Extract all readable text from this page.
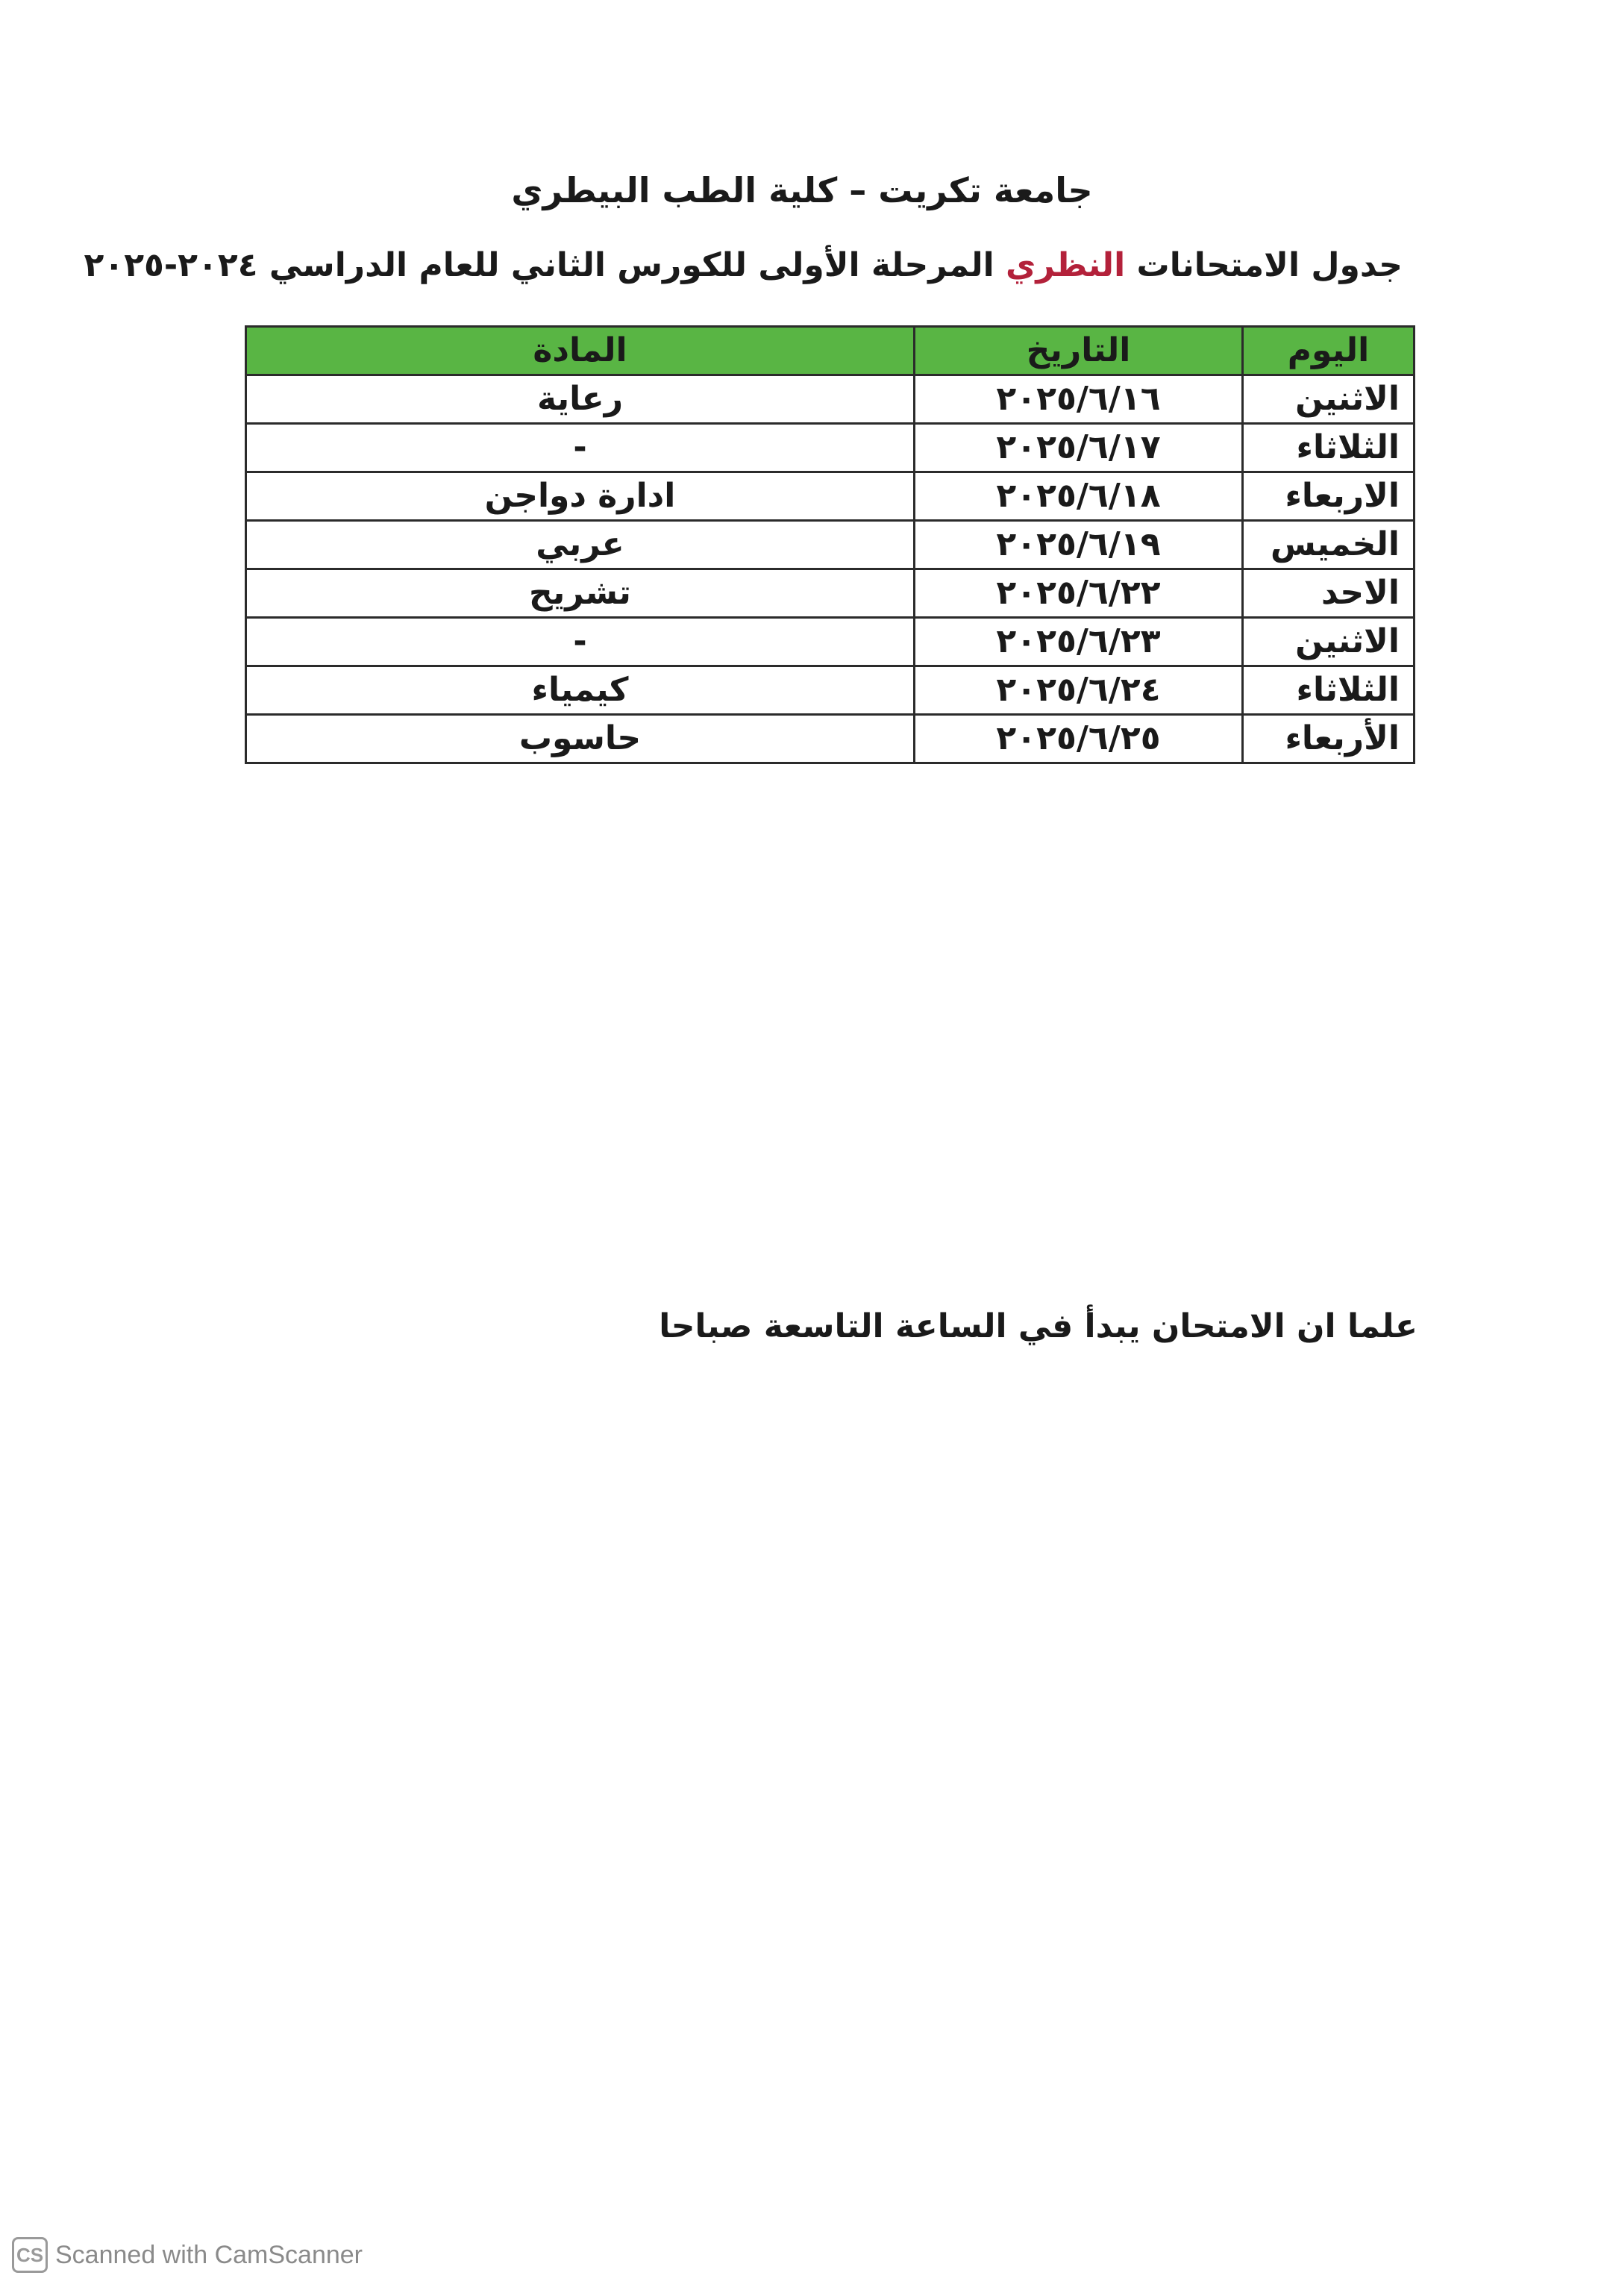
جامعة تكريت – كلية الطب البيطري
جدول الامتحانات النظري المرحلة الأولى للكورس الثاني للعام الدراسي ٢٠٢٤-٢٠٢٥
اليوم	التاريخ	المادة
الاثنين	٢٠٢٥/٦/١٦	رعاية
الثلاثاء	٢٠٢٥/٦/١٧	-
الاربعاء	٢٠٢٥/٦/١٨	ادارة دواجن
الخميس	٢٠٢٥/٦/١٩	عربي
الاحد	٢٠٢٥/٦/٢٢	تشريح
الاثنين	٢٠٢٥/٦/٢٣	-
الثلاثاء	٢٠٢٥/٦/٢٤	كيمياء
الأربعاء	٢٠٢٥/٦/٢٥	حاسوب
علما ان الامتحان يبدأ في الساعة التاسعة صباحا
CS Scanned with CamScanner
